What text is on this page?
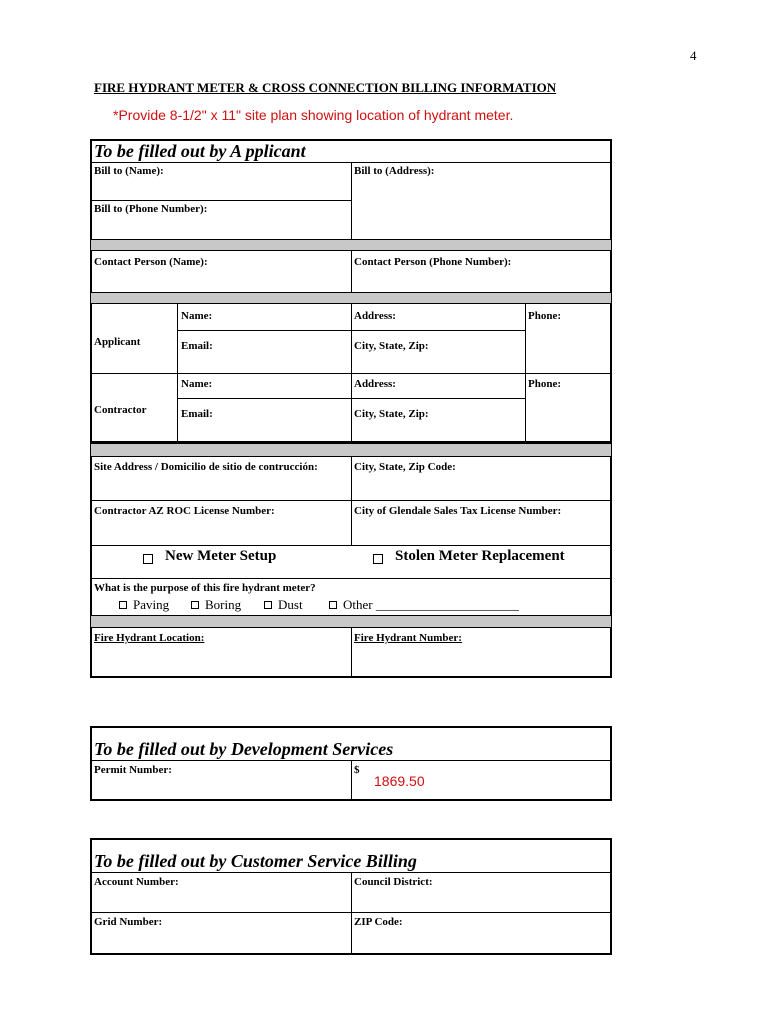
4
FIRE HYDRANT METER & CROSS CONNECTION BILLING INFORMATION
*Provide 8-1/2" x 11" site plan showing location of hydrant meter.
To be filled out by A pplicant
Bill to (Name):	Bill to (Address):
Bill to (Phone Number):
Contact Person (Name):	Contact Person (Phone Number):
Name:	Address:	Phone:
Applicant	Email:	City, State, Zip:
Name:	Address:	Phone:
Contractor	Email:	City, State, Zip:
Site Address / Domicilio de sitio de contrucción:	City, State, Zip Code:
Contractor AZ ROC License Number:	City of Glendale Sales Tax License Number:
New Meter Setup	Stolen Meter Replacement
What is the purpose of this fire hydrant meter?
Paving	Boring	Dust	Other ______________________
Fire Hydrant Location:	Fire Hydrant Number:
To be filled out by Development Services
Permit Number:	$
1869.50
To be filled out by Customer Service Billing
Account Number:	Council District:
Grid Number:	ZIP Code:
